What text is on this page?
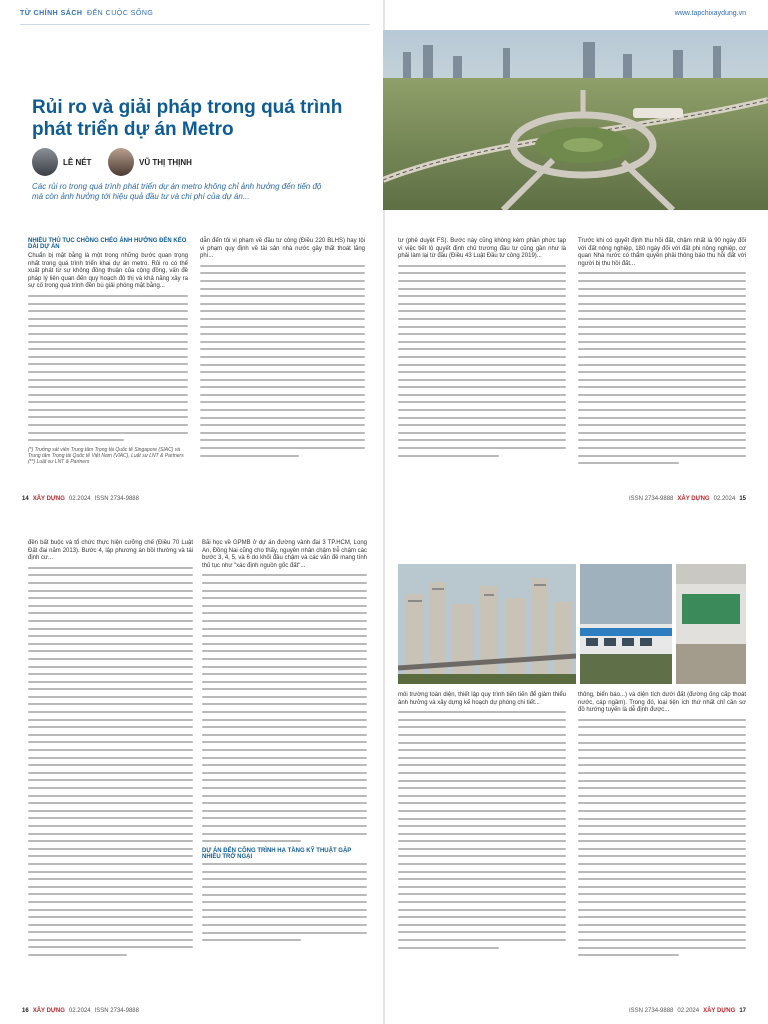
TỪ CHÍNH SÁCH ĐẾN CUỘC SỐNG	www.tapchixaydung.vn
Rủi ro và giải pháp trong quá trình phát triển dự án Metro
LÊ NÉT	VŨ THỊ THỊNH

Các rủi ro trong quá trình phát triển dự án metro không chỉ ảnh hưởng đến tiến độ mà còn ảnh hưởng tới hiệu quả đầu tư và chi phí của dự án...

NHIỀU THỦ TỤC CHỒNG CHÉO ẢNH HƯỞNG ĐẾN KẾO DÀI DỰ ÁN

Chuẩn bị mặt bằng là một trong những bước quan trọng nhất trong quá trình triển khai dự án metro. Rủi ro có thể xuất phát từ sự không đồng thuận của cộng đồng, vấn đề pháp lý liên quan đến quy hoạch đô thị và khả năng xây ra sự cố trong quá trình đền bù giải phóng mặt bằng...

(*) Trưởng sát viên Trung tâm Trọng tài Quốc tế Singapore (SIAC) và Trung tâm Trọng tài Quốc tế Việt Nam (VIAC), Luật sư LNT & Partners (**) Luật sư LNT & Partners

dẫn đến tôi vi phạm về đầu tư công (Điều 220 BLHS) hay tội vi phạm quy định về tài sản nhà nước gây thất thoát lãng phí...

tư (phê duyệt FS). Bước này cũng không kém phần phức tạp vì việc tiết lộ quyết định chủ trương đầu tư cũng gần như là phải làm lại từ đầu (Điều 43 Luật Đầu tư công 2019)...

Trước khi có quyết định thu hồi đất, chậm nhất là 90 ngày đối với đất nông nghiệp, 180 ngày đối với đất phi nông nghiệp, cơ quan Nhà nước có thẩm quyền phải thông báo thu hồi đất với người bị thu hồi đất...

14 XÂY DỰNG 02.2024 ISSN 2734-9888	ISSN 2734-9888 XÂY DỰNG 02.2024 15

đền bất buộc và tổ chức thực hiện cưỡng chế (Điều 70 Luật Đất đai năm 2013). Bước 4, lập phương án bồi thường và tái định cư...

Bãi học về GPMB ở dự án đường vành đai 3 TP.HCM, Long An, Đồng Nai cũng cho thấy, nguyên nhân chậm trễ chậm các bước 3, 4, 5, và 6 do khối đầu chậm và các vấn đề mang tính thủ tục như "xác định nguồn gốc đất"...

DỰ ÁN ĐỂN CÔNG TRÌNH HẠ TẦNG KỸ THUẬT GẶP NHIỀU TRỞ NGẠI

môi trường toàn diện, thiết lập quy trình tiến tiến để giảm thiểu ảnh hưởng và xây dựng kế hoạch dự phòng chi tiết...

thông, biển báo...) và diện tích dưới đất (đường ống cấp thoát nước, cáp ngầm). Trong đó, loại tiện ích thứ nhất chỉ cần sơ đồ hướng tuyến là dễ định được...

16 XÂY DỰNG 02.2024 ISSN 2734-9888	ISSN 2734-9888 02.2024 XÂY DỰNG 17
